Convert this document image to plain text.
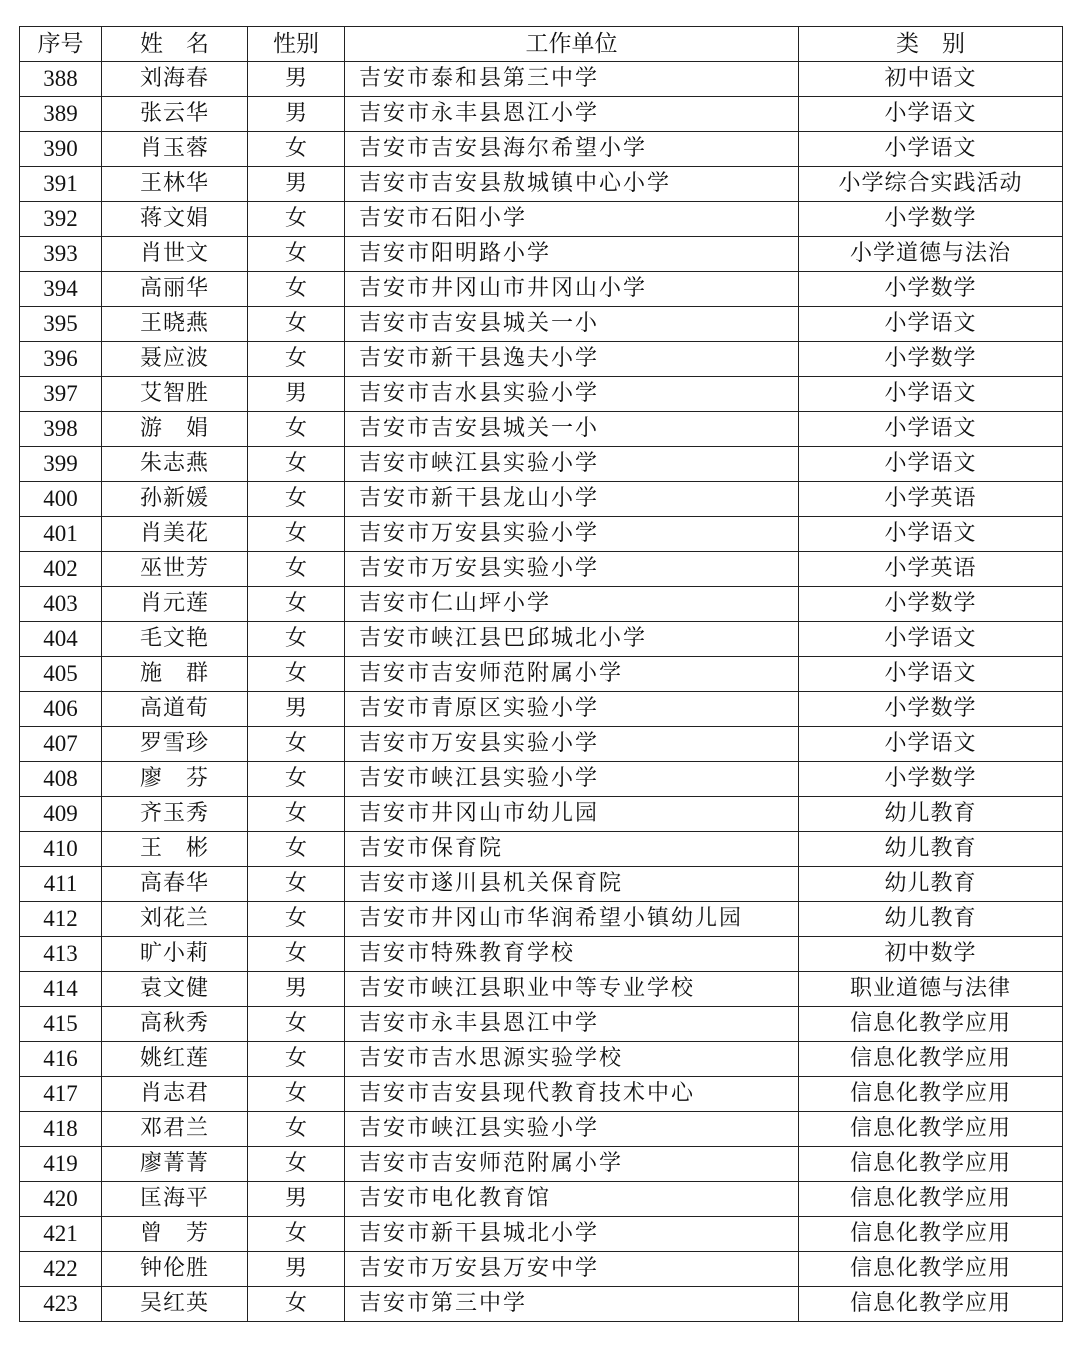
序号	姓　名	性别	工作单位	类　别
388	刘海春	男	吉安市泰和县第三中学	初中语文
389	张云华	男	吉安市永丰县恩江小学	小学语文
390	肖玉蓉	女	吉安市吉安县海尔希望小学	小学语文
391	王林华	男	吉安市吉安县敖城镇中心小学	小学综合实践活动
392	蒋文娟	女	吉安市石阳小学	小学数学
393	肖世文	女	吉安市阳明路小学	小学道德与法治
394	高丽华	女	吉安市井冈山市井冈山小学	小学数学
395	王晓燕	女	吉安市吉安县城关一小	小学语文
396	聂应波	女	吉安市新干县逸夫小学	小学数学
397	艾智胜	男	吉安市吉水县实验小学	小学语文
398	游　娟	女	吉安市吉安县城关一小	小学语文
399	朱志燕	女	吉安市峡江县实验小学	小学语文
400	孙新媛	女	吉安市新干县龙山小学	小学英语
401	肖美花	女	吉安市万安县实验小学	小学语文
402	巫世芳	女	吉安市万安县实验小学	小学英语
403	肖元莲	女	吉安市仁山坪小学	小学数学
404	毛文艳	女	吉安市峡江县巴邱城北小学	小学语文
405	施　群	女	吉安市吉安师范附属小学	小学语文
406	高道荀	男	吉安市青原区实验小学	小学数学
407	罗雪珍	女	吉安市万安县实验小学	小学语文
408	廖　芬	女	吉安市峡江县实验小学	小学数学
409	齐玉秀	女	吉安市井冈山市幼儿园	幼儿教育
410	王　彬	女	吉安市保育院	幼儿教育
411	高春华	女	吉安市遂川县机关保育院	幼儿教育
412	刘花兰	女	吉安市井冈山市华润希望小镇幼儿园	幼儿教育
413	旷小莉	女	吉安市特殊教育学校	初中数学
414	袁文健	男	吉安市峡江县职业中等专业学校	职业道德与法律
415	高秋秀	女	吉安市永丰县恩江中学	信息化教学应用
416	姚红莲	女	吉安市吉水思源实验学校	信息化教学应用
417	肖志君	女	吉安市吉安县现代教育技术中心	信息化教学应用
418	邓君兰	女	吉安市峡江县实验小学	信息化教学应用
419	廖菁菁	女	吉安市吉安师范附属小学	信息化教学应用
420	匡海平	男	吉安市电化教育馆	信息化教学应用
421	曾　芳	女	吉安市新干县城北小学	信息化教学应用
422	钟伦胜	男	吉安市万安县万安中学	信息化教学应用
423	吴红英	女	吉安市第三中学	信息化教学应用
